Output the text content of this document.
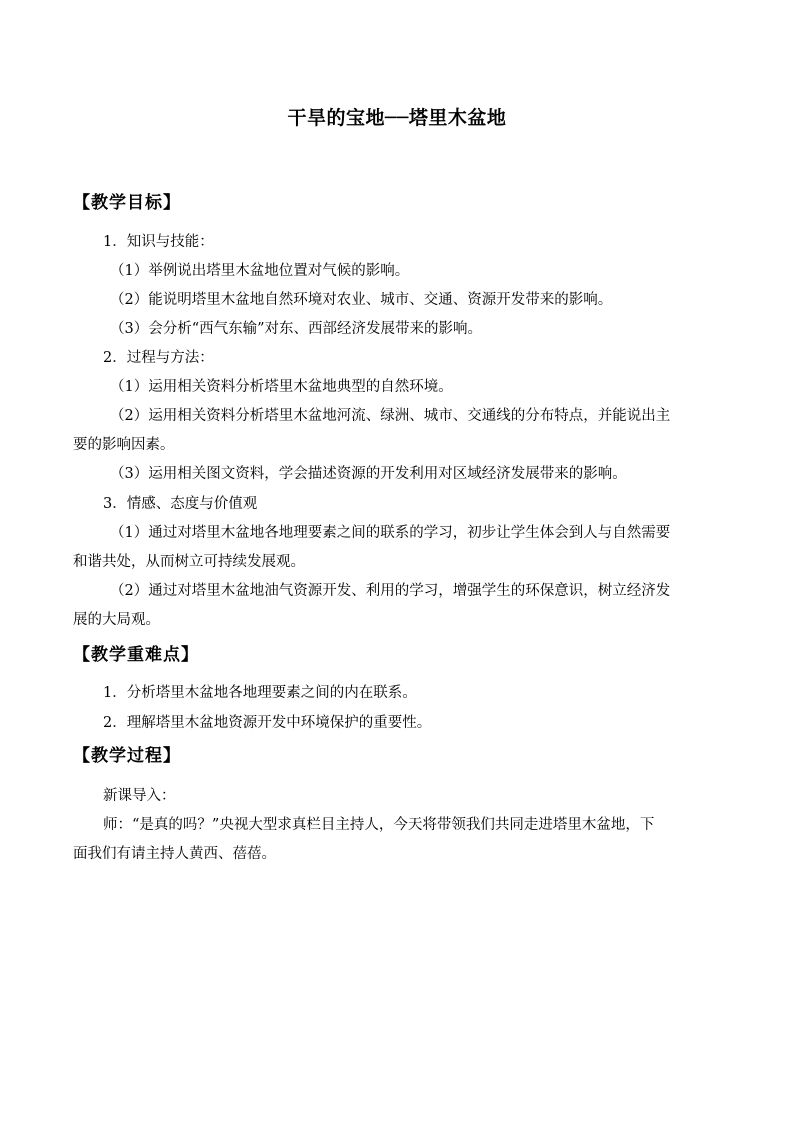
干旱的宝地──塔里木盆地
【教学目标】
1．知识与技能：
（1）举例说出塔里木盆地位置对气候的影响。
（2）能说明塔里木盆地自然环境对农业、城市、交通、资源开发带来的影响。
（3）会分析“西气东输”对东、西部经济发展带来的影响。
2．过程与方法：
（1）运用相关资料分析塔里木盆地典型的自然环境。
（2）运用相关资料分析塔里木盆地河流、绿洲、城市、交通线的分布特点，并能说出主
要的影响因素。
（3）运用相关图文资料，学会描述资源的开发利用对区域经济发展带来的影响。
3．情感、态度与价值观
（1）通过对塔里木盆地各地理要素之间的联系的学习，初步让学生体会到人与自然需要
和谐共处，从而树立可持续发展观。
（2）通过对塔里木盆地油气资源开发、利用的学习，增强学生的环保意识，树立经济发
展的大局观。
【教学重难点】
1．分析塔里木盆地各地理要素之间的内在联系。
2．理解塔里木盆地资源开发中环境保护的重要性。
【教学过程】
新课导入：
师：“是真的吗？”央视大型求真栏目主持人，今天将带领我们共同走进塔里木盆地，下
面我们有请主持人黄西、蓓蓓。
